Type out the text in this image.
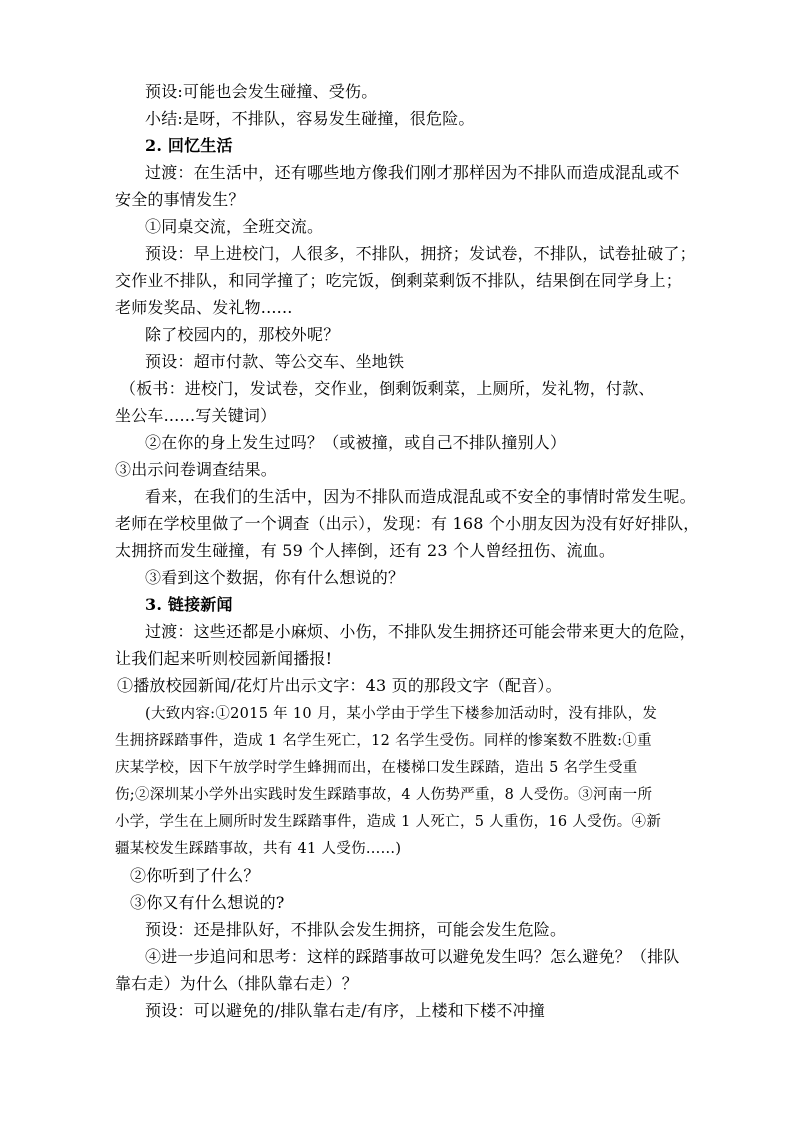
预设:可能也会发生碰撞、受伤。
小结:是呀，不排队，容易发生碰撞，很危险。
2. 回忆生活
过渡：在生活中，还有哪些地方像我们刚才那样因为不排队而造成混乱或不
安全的事情发生？
①同桌交流，全班交流。
预设：早上进校门，人很多，不排队，拥挤；发试卷，不排队，试卷扯破了；
交作业不排队，和同学撞了；吃完饭，倒剩菜剩饭不排队，结果倒在同学身上；
老师发奖品、发礼物......
除了校园内的，那校外呢？
预设：超市付款、等公交车、坐地铁
（板书：进校门，发试卷，交作业，倒剩饭剩菜，上厕所，发礼物，付款、
坐公车......写关键词）
②在你的身上发生过吗？（或被撞，或自己不排队撞别人）
③出示问卷调查结果。
看来，在我们的生活中，因为不排队而造成混乱或不安全的事情时常发生呢。
老师在学校里做了一个调查（出示），发现：有 168 个小朋友因为没有好好排队，
太拥挤而发生碰撞，有 59 个人摔倒，还有 23 个人曾经扭伤、流血。
③看到这个数据，你有什么想说的？
3. 链接新闻
过渡：这些还都是小麻烦、小伤，不排队发生拥挤还可能会带来更大的危险，
让我们起来听则校园新闻播报!
①播放校园新闻/花灯片出示文字：43 页的那段文字（配音）。
(大致内容:①2015 年 10 月，某小学由于学生下楼参加活动时，没有排队，发
生拥挤踩踏事件，造成 1 名学生死亡，12 名学生受伤。同样的惨案数不胜数:①重
庆某学校，因下午放学时学生蜂拥而出，在楼梯口发生踩踏，造出 5 名学生受重
伤;②深圳某小学外出实践时发生踩踏事故，4 人伤势严重，8 人受伤。③河南一所
小学，学生在上厕所时发生踩踏事件，造成 1 人死亡，5 人重伤，16 人受伤。④新
疆某校发生踩踏事故，共有 41 人受伤......)
②你听到了什么？
③你又有什么想说的?
预设：还是排队好，不排队会发生拥挤，可能会发生危险。
④进一步追问和思考：这样的踩踏事故可以避免发生吗？怎么避免？（排队
靠右走）为什么（排队靠右走）？
预设：可以避免的/排队靠右走/有序，上楼和下楼不冲撞
